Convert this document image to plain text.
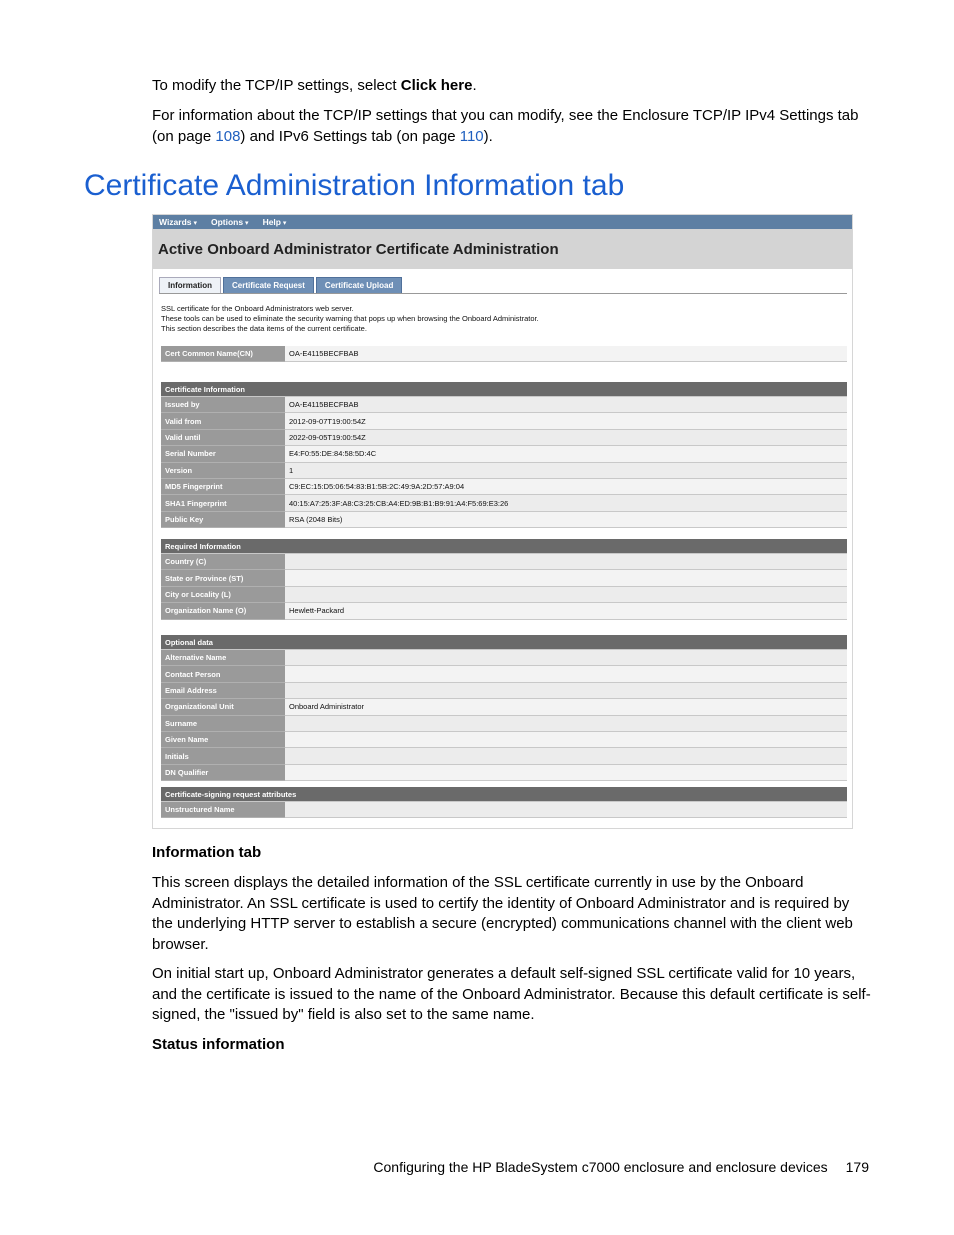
To modify the TCP/IP settings, select Click here.

For information about the TCP/IP settings that you can modify, see the Enclosure TCP/IP IPv4 Settings tab (on page 108) and IPv6 Settings tab (on page 110).

Certificate Administration Information tab
Wizards ▾	Options ▾	Help ▾
Active Onboard Administrator Certificate Administration
Information	Certificate Request	Certificate Upload
SSL certificate for the Onboard Administrators web server.
These tools can be used to eliminate the security warning that pops up when browsing the Onboard Administrator.
This section describes the data items of the current certificate.
Cert Common Name(CN)	OA-E4115BECFBAB
Certificate Information	
Issued by	OA-E4115BECFBAB
Valid from	2012-09-07T19:00:54Z
Valid until	2022-09-05T19:00:54Z
Serial Number	E4:F0:55:DE:84:58:5D:4C
Version	1
MD5 Fingerprint	C9:EC:15:D5:06:54:83:B1:5B:2C:49:9A:2D:57:A9:04
SHA1 Fingerprint	40:15:A7:25:3F:A8:C3:25:CB:A4:ED:9B:B1:B9:91:A4:F5:69:E3:26
Public Key	RSA (2048 Bits)
Required Information	
Country (C)	
State or Province (ST)	
City or Locality (L)	
Organization Name (O)	Hewlett-Packard
Optional data	
Alternative Name	
Contact Person	
Email Address	
Organizational Unit	Onboard Administrator
Surname	
Given Name	
Initials	
DN Qualifier	
Certificate-signing request attributes
Unstructured Name	

Information tab

This screen displays the detailed information of the SSL certificate currently in use by the Onboard Administrator. An SSL certificate is used to certify the identity of Onboard Administrator and is required by the underlying HTTP server to establish a secure (encrypted) communications channel with the client web browser.

On initial start up, Onboard Administrator generates a default self-signed SSL certificate valid for 10 years, and the certificate is issued to the name of the Onboard Administrator. Because this default certificate is self-signed, the "issued by" field is also set to the same name.

Status information

Configuring the HP BladeSystem c7000 enclosure and enclosure devices 179
